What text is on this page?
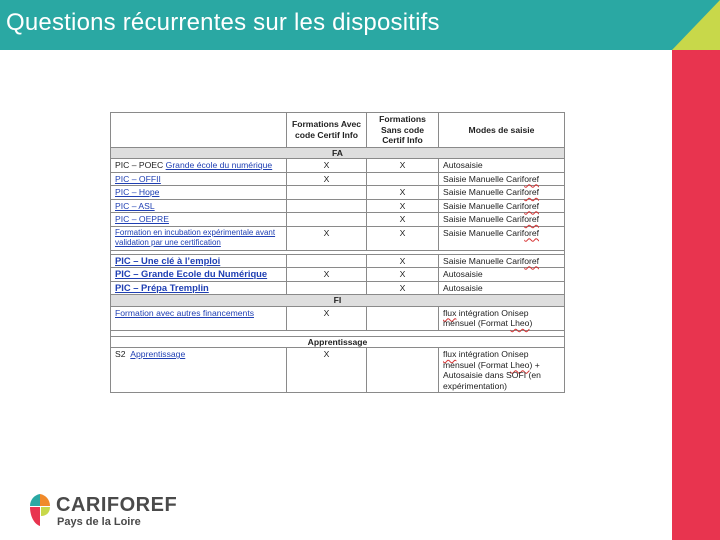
Questions récurrentes sur les dispositifs
	Formations Avec code Certif Info	Formations Sans code Certif Info	Modes de saisie
FA			
PIC – POEC Grande école du numérique	X	X	Autosaisie
PIC – OFFII	X		Saisie Manuelle Cariforef
PIC – Hope		X	Saisie Manuelle Cariforef
PIC – ASL		X	Saisie Manuelle Cariforef
PIC – OEPRE		X	Saisie Manuelle Cariforef
Formation en incubation expérimentale avant validation par une certification	X	X	Saisie Manuelle Cariforef

PIC – Une clé à l’emploi		X	Saisie Manuelle Cariforef
PIC – Grande Ecole du Numérique	X	X	Autosaisie
PIC – Prépa Tremplin		X	Autosaisie
FI			
Formation avec autres financements	X		flux intégration Onisep mensuel (Format Lheo)

Apprentissage			
S2 Apprentissage	X		flux intégration Onisep mensuel (Format Lheo) + Autosaisie dans SOFI (en expérimentation)
CARIFOREF
Pays de la Loire
